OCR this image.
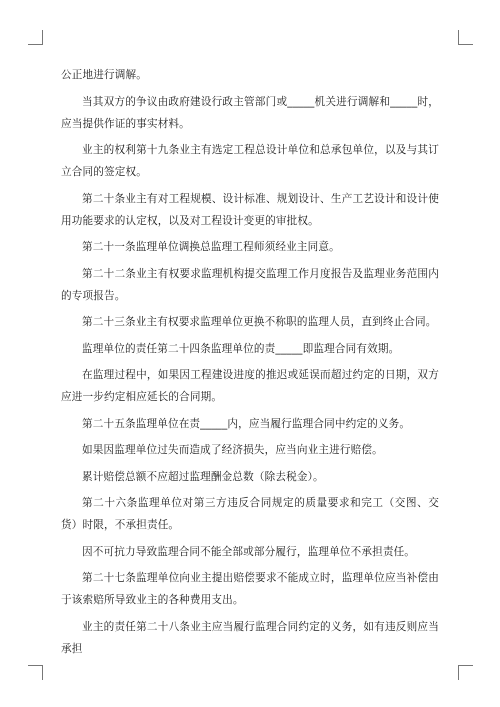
公正地进行调解。

当其双方的争议由政府建设行政主管部门或_____机关进行调解和_____时，应当提供作证的事实材料。

业主的权利第十九条业主有选定工程总设计单位和总承包单位，以及与其订立合同的签定权。

第二十条业主有对工程规模、设计标准、规划设计、生产工艺设计和设计使用功能要求的认定权，以及对工程设计变更的审批权。

第二十一条监理单位调换总监理工程师须经业主同意。

第二十二条业主有权要求监理机构提交监理工作月度报告及监理业务范围内的专项报告。

第二十三条业主有权要求监理单位更换不称职的监理人员，直到终止合同。

监理单位的责任第二十四条监理单位的责_____即监理合同有效期。

在监理过程中，如果因工程建设进度的推迟或延误而超过约定的日期，双方应进一步约定相应延长的合同期。

第二十五条监理单位在责_____内，应当履行监理合同中约定的义务。

如果因监理单位过失而造成了经济损失，应当向业主进行赔偿。

累计赔偿总额不应超过监理酬金总数（除去税金）。

第二十六条监理单位对第三方违反合同规定的质量要求和完工（交图、交货）时限，不承担责任。

因不可抗力导致监理合同不能全部或部分履行，监理单位不承担责任。

第二十七条监理单位向业主提出赔偿要求不能成立时，监理单位应当补偿由于该索赔所导致业主的各种费用支出。

业主的责任第二十八条业主应当履行监理合同约定的义务，如有违反则应当承担
